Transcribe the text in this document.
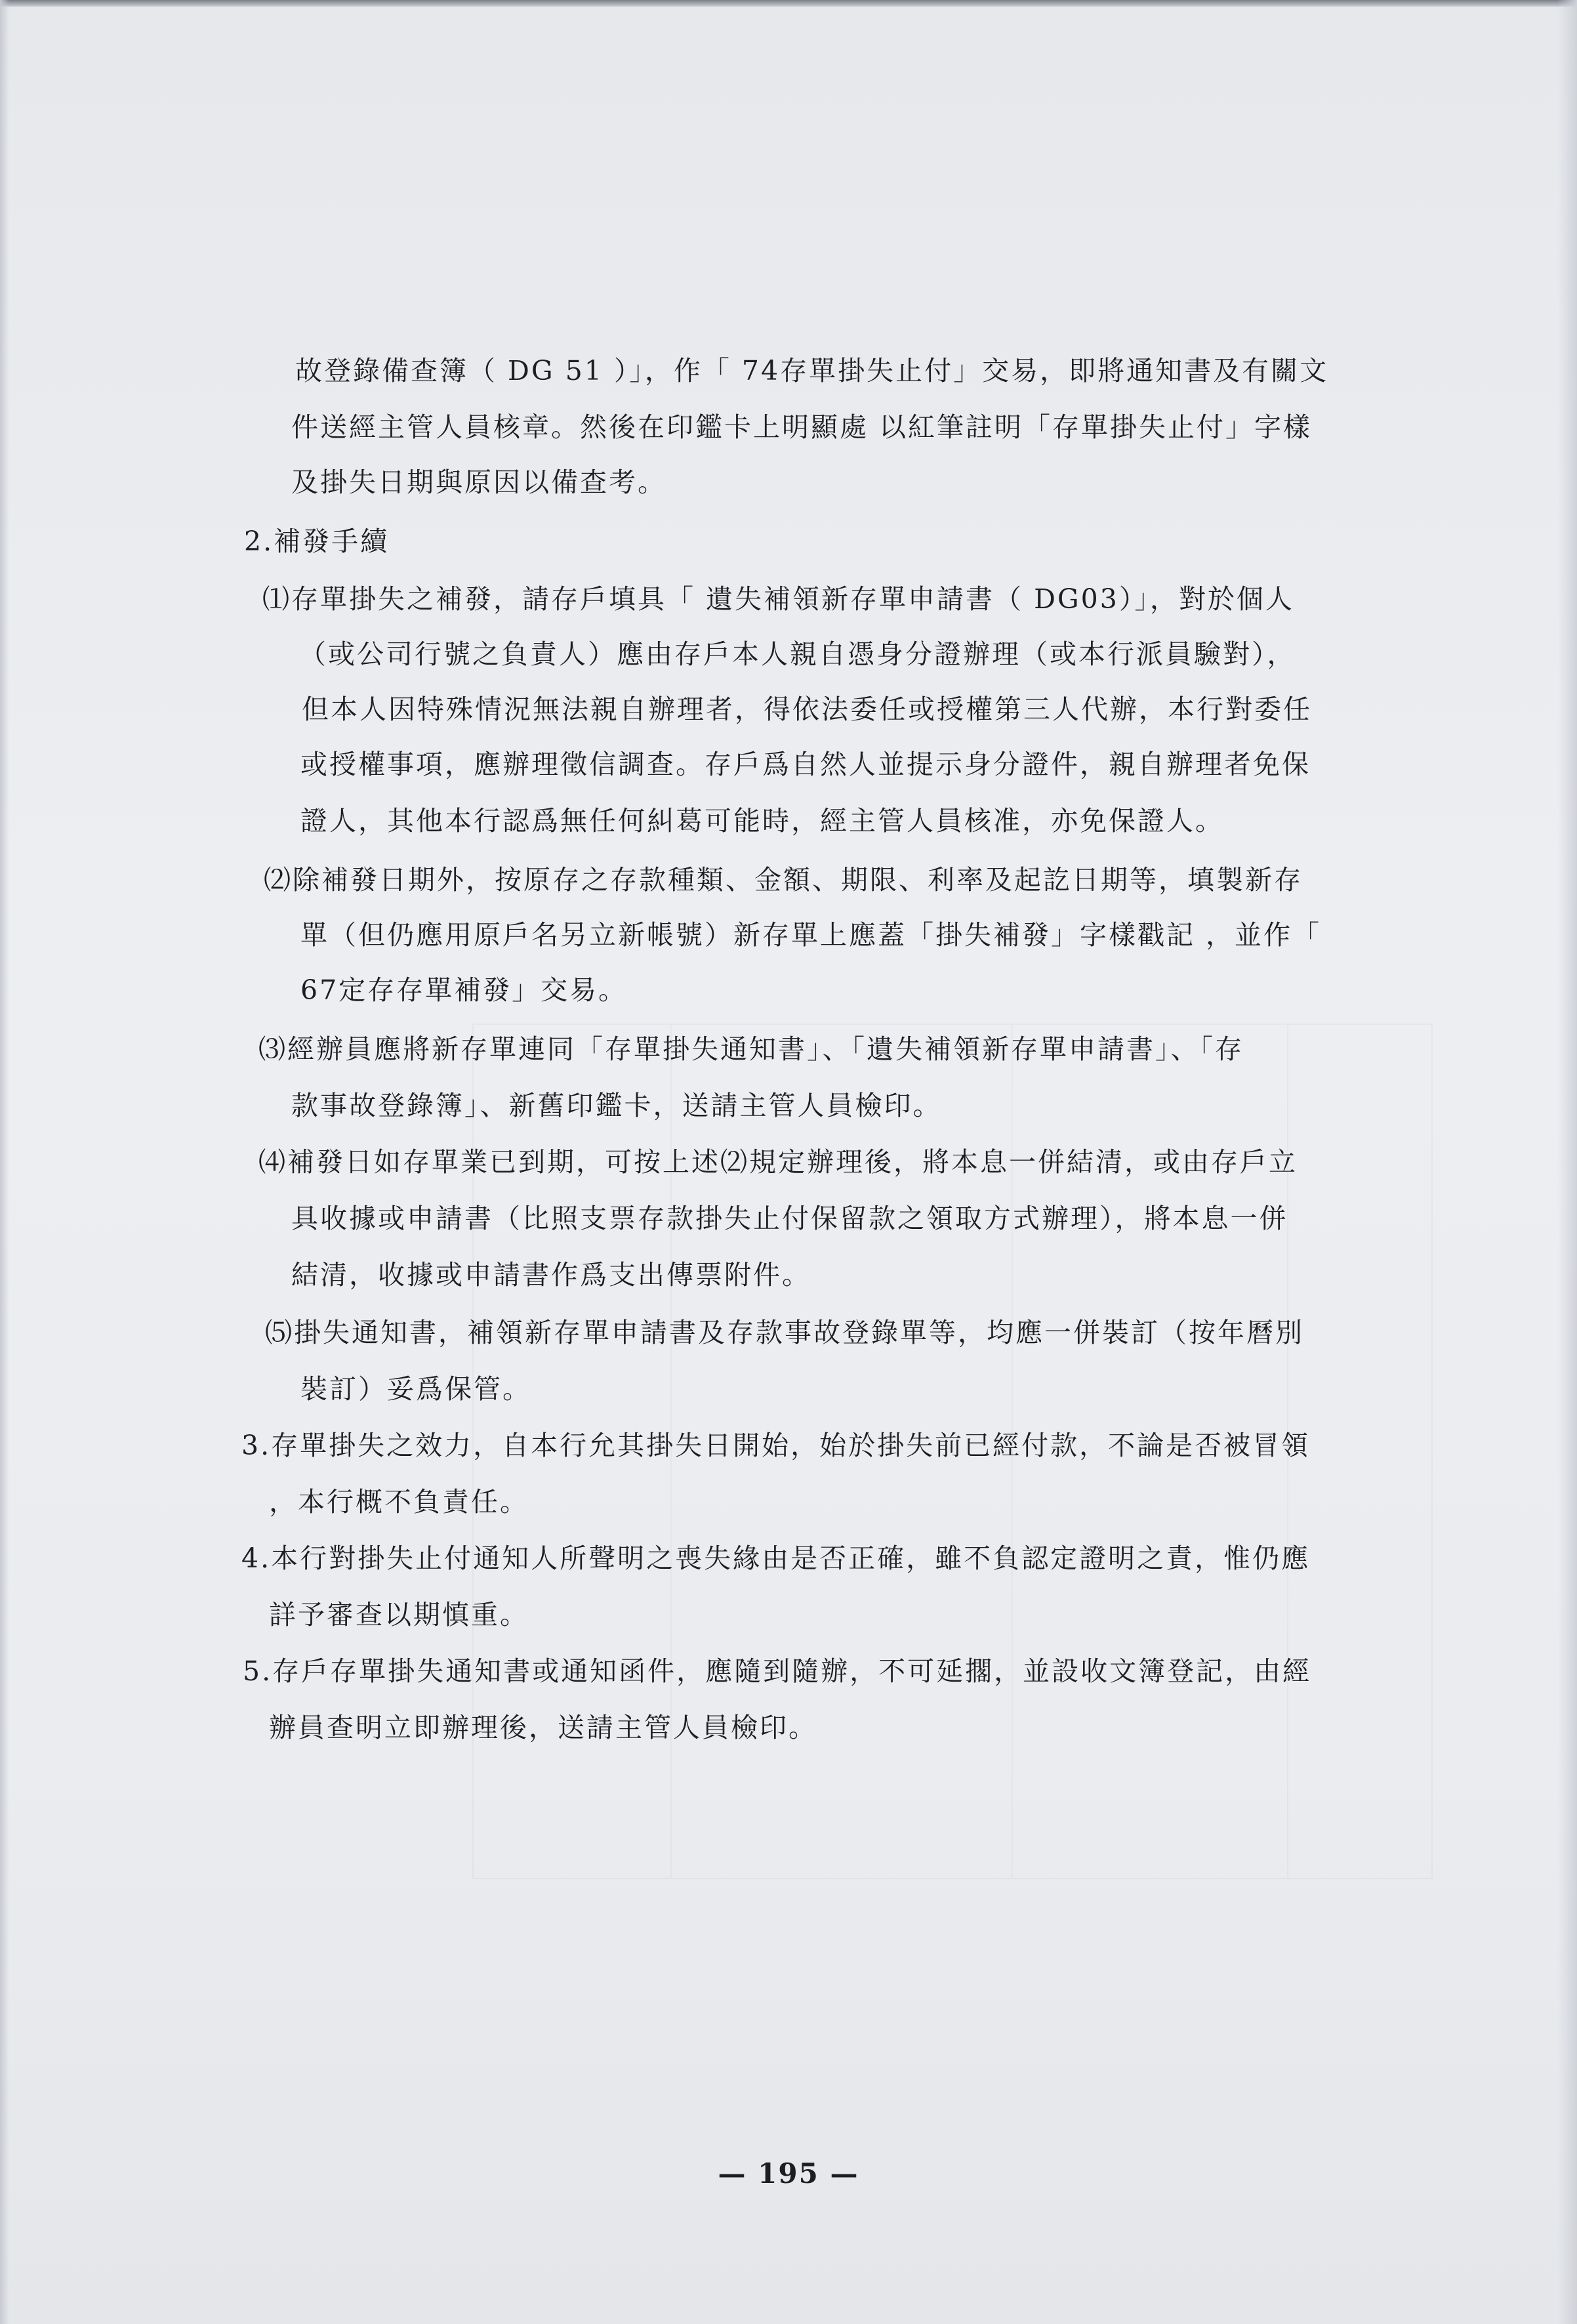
故登錄備查簿（ DG 51 ）」，作「 74存單掛失止付」交易，即將通知書及有關文
件送經主管人員核章。然後在印鑑卡上明顯處 以紅筆註明「存單掛失止付」字樣
及掛失日期與原因以備查考。
2.補發手續
⑴存單掛失之補發，請存戶填具「 遺失補領新存單申請書（ DG03）」，對於個人
（或公司行號之負責人）應由存戶本人親自憑身分證辦理（或本行派員驗對），
但本人因特殊情況無法親自辦理者，得依法委任或授權第三人代辦，本行對委任
或授權事項，應辦理徵信調查。存戶爲自然人並提示身分證件，親自辦理者免保
證人，其他本行認爲無任何糾葛可能時，經主管人員核准，亦免保證人。
⑵除補發日期外，按原存之存款種類、金額、期限、利率及起訖日期等，填製新存
單（但仍應用原戶名另立新帳號）新存單上應蓋「掛失補發」字樣戳記 ，並作「
67定存存單補發」交易。
⑶經辦員應將新存單連同「存單掛失通知書」、「遺失補領新存單申請書」、「存
款事故登錄簿」、新舊印鑑卡，送請主管人員檢印。
⑷補發日如存單業已到期，可按上述⑵規定辦理後，將本息一併結清，或由存戶立
具收據或申請書（比照支票存款掛失止付保留款之領取方式辦理），將本息一併
結清，收據或申請書作爲支出傳票附件。
⑸掛失通知書，補領新存單申請書及存款事故登錄單等，均應一併裝訂（按年曆別
裝訂）妥爲保管。
3.存單掛失之效力，自本行允其掛失日開始，始於掛失前已經付款，不論是否被冒領
，本行概不負責任。
4.本行對掛失止付通知人所聲明之喪失緣由是否正確，雖不負認定證明之責，惟仍應
詳予審查以期慎重。
5.存戶存單掛失通知書或通知函件，應隨到隨辦，不可延擱，並設收文簿登記，由經
辦員查明立即辦理後，送請主管人員檢印。
— 195 —
